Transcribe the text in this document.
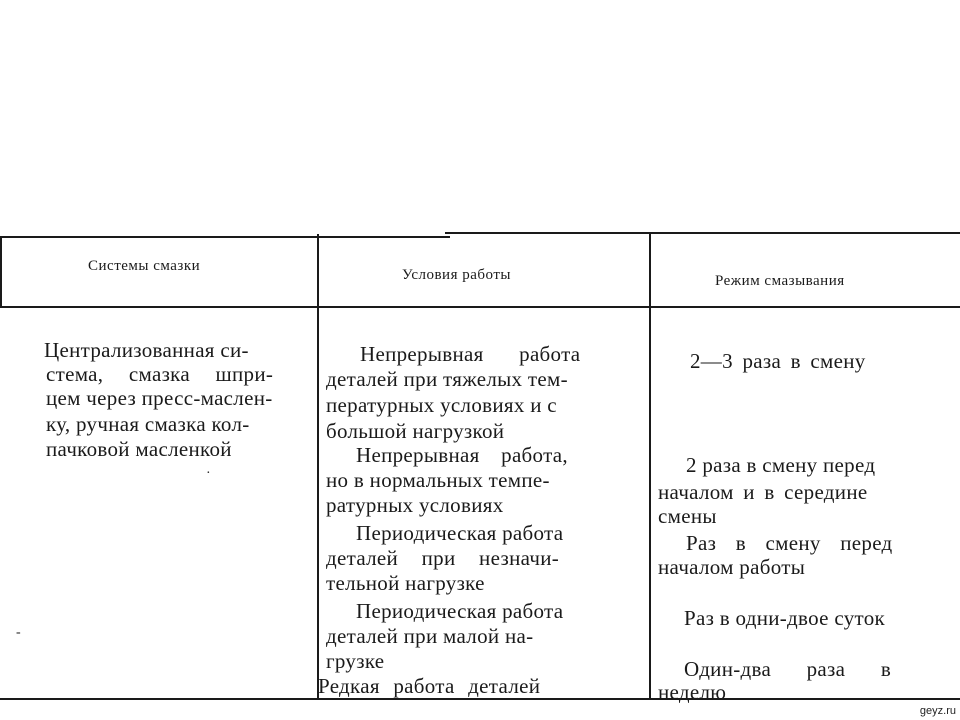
Системы смазки
Условия работы	Режим смазывания
Централизованная си-
стема, смазка шпри-
цем через пресс-маслен-
ку, ручная смазка кол-
пачковой масленкой
Непрерывная работа
деталей при тяжелых тем-
пературных условиях и с
большой нагрузкой
Непрерывная работа,
но в нормальных темпе-
ратурных условиях
Периодическая работа
деталей при незначи-
тельной нагрузке
Периодическая работа
деталей при малой на-
грузке
Редкая работа деталей
2—3 раза в смену
2 раза в смену перед
началом и в середине
смены
Раз в смену перед
началом работы
Раз в одни-двое суток
Один-два раза в
неделю
-
·
geyz.ru
